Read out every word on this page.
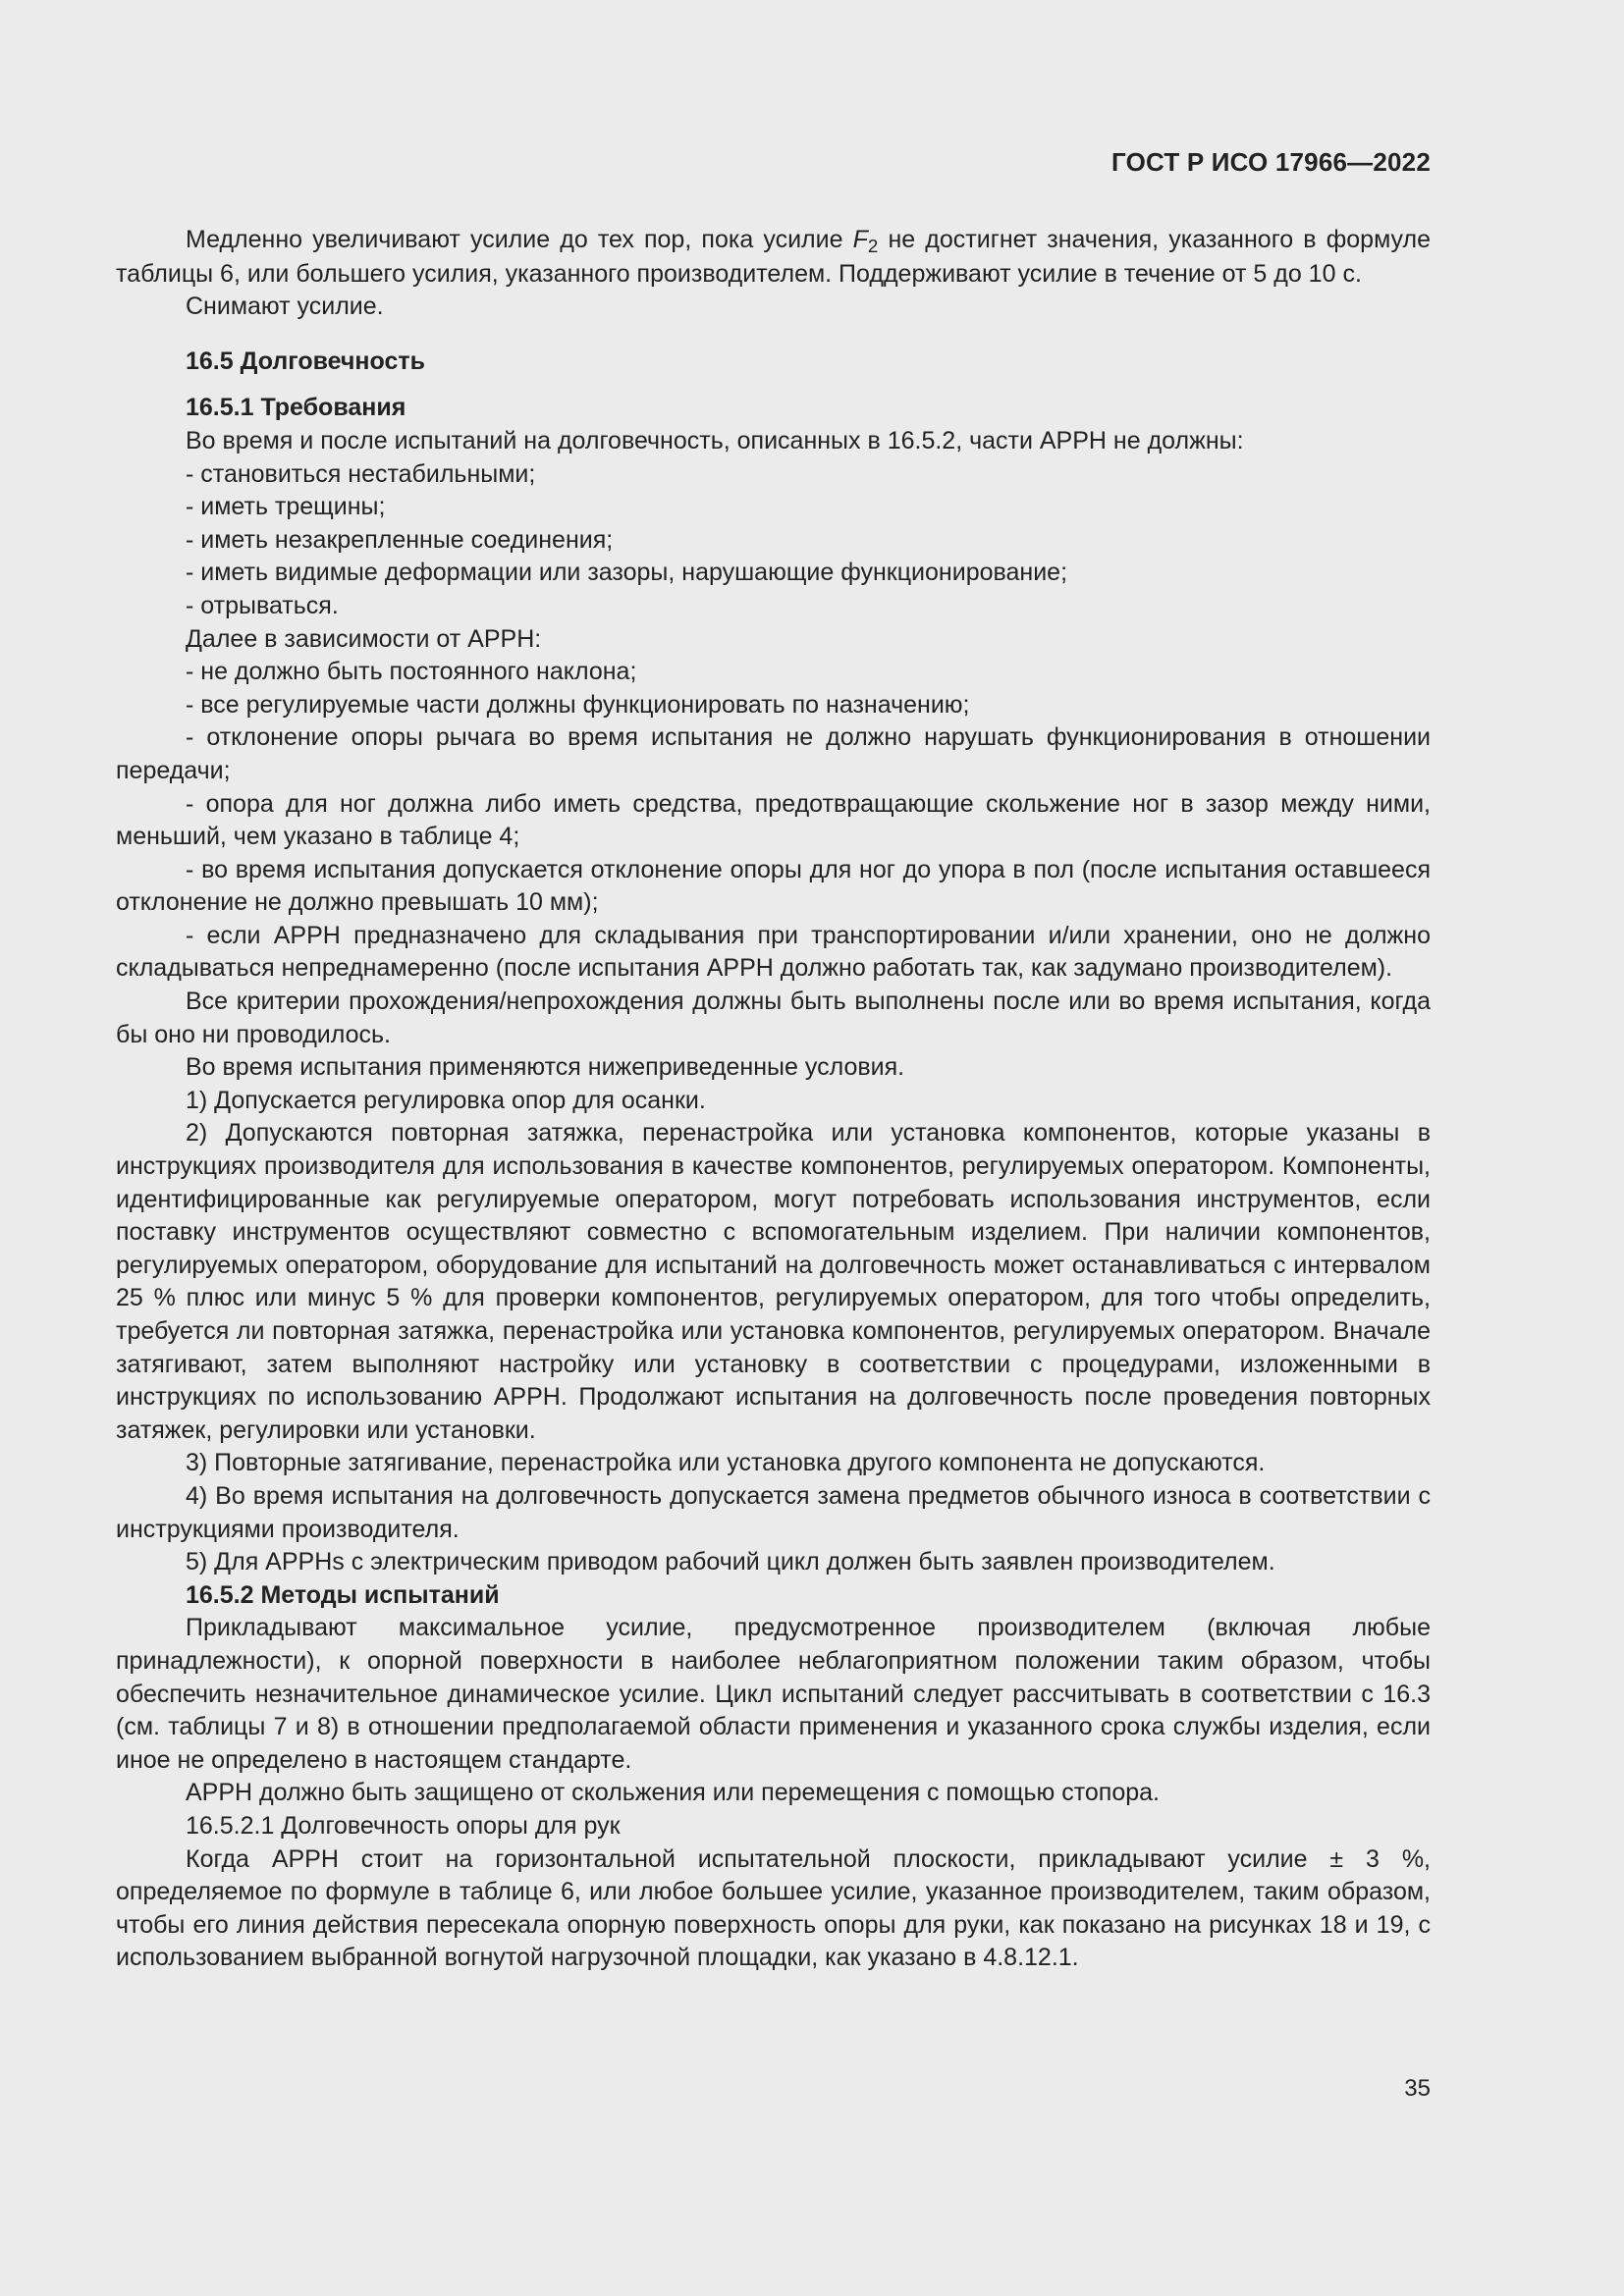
ГОСТ Р ИСО 17966—2022

Медленно увеличивают усилие до тех пор, пока усилие F2 не достигнет значения, указанного в формуле таблицы 6, или большего усилия, указанного производителем. Поддерживают усилие в течение от 5 до 10 с.

Снимают усилие.

16.5 Долговечность

16.5.1 Требования

Во время и после испытаний на долговечность, описанных в 16.5.2, части АРРН не должны:

- становиться нестабильными;

- иметь трещины;

- иметь незакрепленные соединения;

- иметь видимые деформации или зазоры, нарушающие функционирование;

- отрываться.

Далее в зависимости от АРРН:

- не должно быть постоянного наклона;

- все регулируемые части должны функционировать по назначению;

- отклонение опоры рычага во время испытания не должно нарушать функционирования в отношении передачи;

- опора для ног должна либо иметь средства, предотвращающие скольжение ног в зазор между ними, меньший, чем указано в таблице 4;

- во время испытания допускается отклонение опоры для ног до упора в пол (после испытания оставшееся отклонение не должно превышать 10 мм);

- если АРРН предназначено для складывания при транспортировании и/или хранении, оно не должно складываться непреднамеренно (после испытания АРРН должно работать так, как задумано производителем).

Все критерии прохождения/непрохождения должны быть выполнены после или во время испытания, когда бы оно ни проводилось.

Во время испытания применяются нижеприведенные условия.

1) Допускается регулировка опор для осанки.

2) Допускаются повторная затяжка, перенастройка или установка компонентов, которые указаны в инструкциях производителя для использования в качестве компонентов, регулируемых оператором. Компоненты, идентифицированные как регулируемые оператором, могут потребовать использования инструментов, если поставку инструментов осуществляют совместно с вспомогательным изделием. При наличии компонентов, регулируемых оператором, оборудование для испытаний на долговечность может останавливаться с интервалом 25 % плюс или минус 5 % для проверки компонентов, регулируемых оператором, для того чтобы определить, требуется ли повторная затяжка, перенастройка или установка компонентов, регулируемых оператором. Вначале затягивают, затем выполняют настройку или установку в соответствии с процедурами, изложенными в инструкциях по использованию АРРН. Продолжают испытания на долговечность после проведения повторных затяжек, регулировки или установки.

3) Повторные затягивание, перенастройка или установка другого компонента не допускаются.

4) Во время испытания на долговечность допускается замена предметов обычного износа в соответствии с инструкциями производителя.

5) Для APPHs с электрическим приводом рабочий цикл должен быть заявлен производителем.

16.5.2 Методы испытаний

Прикладывают максимальное усилие, предусмотренное производителем (включая любые принадлежности), к опорной поверхности в наиболее неблагоприятном положении таким образом, чтобы обеспечить незначительное динамическое усилие. Цикл испытаний следует рассчитывать в соответствии с 16.3 (см. таблицы 7 и 8) в отношении предполагаемой области применения и указанного срока службы изделия, если иное не определено в настоящем стандарте.

АРРН должно быть защищено от скольжения или перемещения с помощью стопора.

16.5.2.1 Долговечность опоры для рук

Когда АРРН стоит на горизонтальной испытательной плоскости, прикладывают усилие ± 3 %, определяемое по формуле в таблице 6, или любое большее усилие, указанное производителем, таким образом, чтобы его линия действия пересекала опорную поверхность опоры для руки, как показано на рисунках 18 и 19, с использованием выбранной вогнутой нагрузочной площадки, как указано в 4.8.12.1.

35
